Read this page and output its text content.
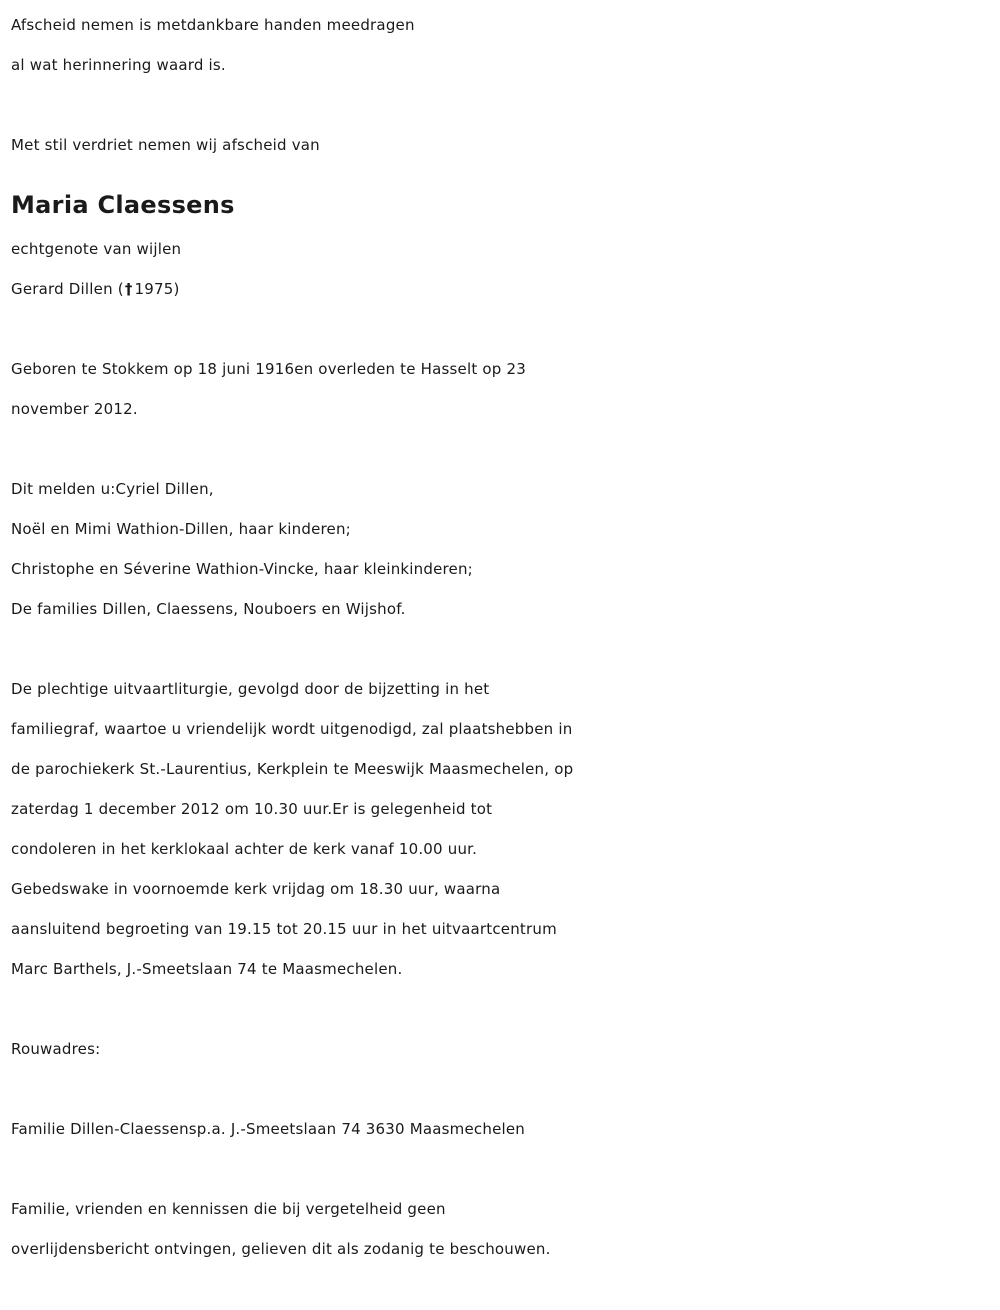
Afscheid nemen is metdankbare handen meedragen
al wat herinnering waard is.
Met stil verdriet nemen wij afscheid van
Maria Claessens
echtgenote van wijlen
Gerard Dillen († 1975)
Geboren te Stokkem op 18 juni 1916en overleden te Hasselt op 23
november 2012.
Dit melden u:Cyriel Dillen,
Noël en Mimi Wathion-Dillen, haar kinderen;
Christophe en Séverine Wathion-Vincke, haar kleinkinderen;
De families Dillen, Claessens, Nouboers en Wijshof.
De plechtige uitvaartliturgie, gevolgd door de bijzetting in het
familiegraf, waartoe u vriendelijk wordt uitgenodigd, zal plaatshebben in
de parochiekerk St.-Laurentius, Kerkplein te Meeswijk Maasmechelen, op
zaterdag 1 december 2012 om 10.30 uur.Er is gelegenheid tot
condoleren in het kerklokaal achter de kerk vanaf 10.00 uur.
Gebedswake in voornoemde kerk vrijdag om 18.30 uur, waarna
aansluitend begroeting van 19.15 tot 20.15 uur in het uitvaartcentrum
Marc Barthels, J.-Smeetslaan 74 te Maasmechelen.
Rouwadres:
Familie Dillen-Claessensp.a. J.-Smeetslaan 74 3630 Maasmechelen
Familie, vrienden en kennissen die bij vergetelheid geen
overlijdensbericht ontvingen, gelieven dit als zodanig te beschouwen.
